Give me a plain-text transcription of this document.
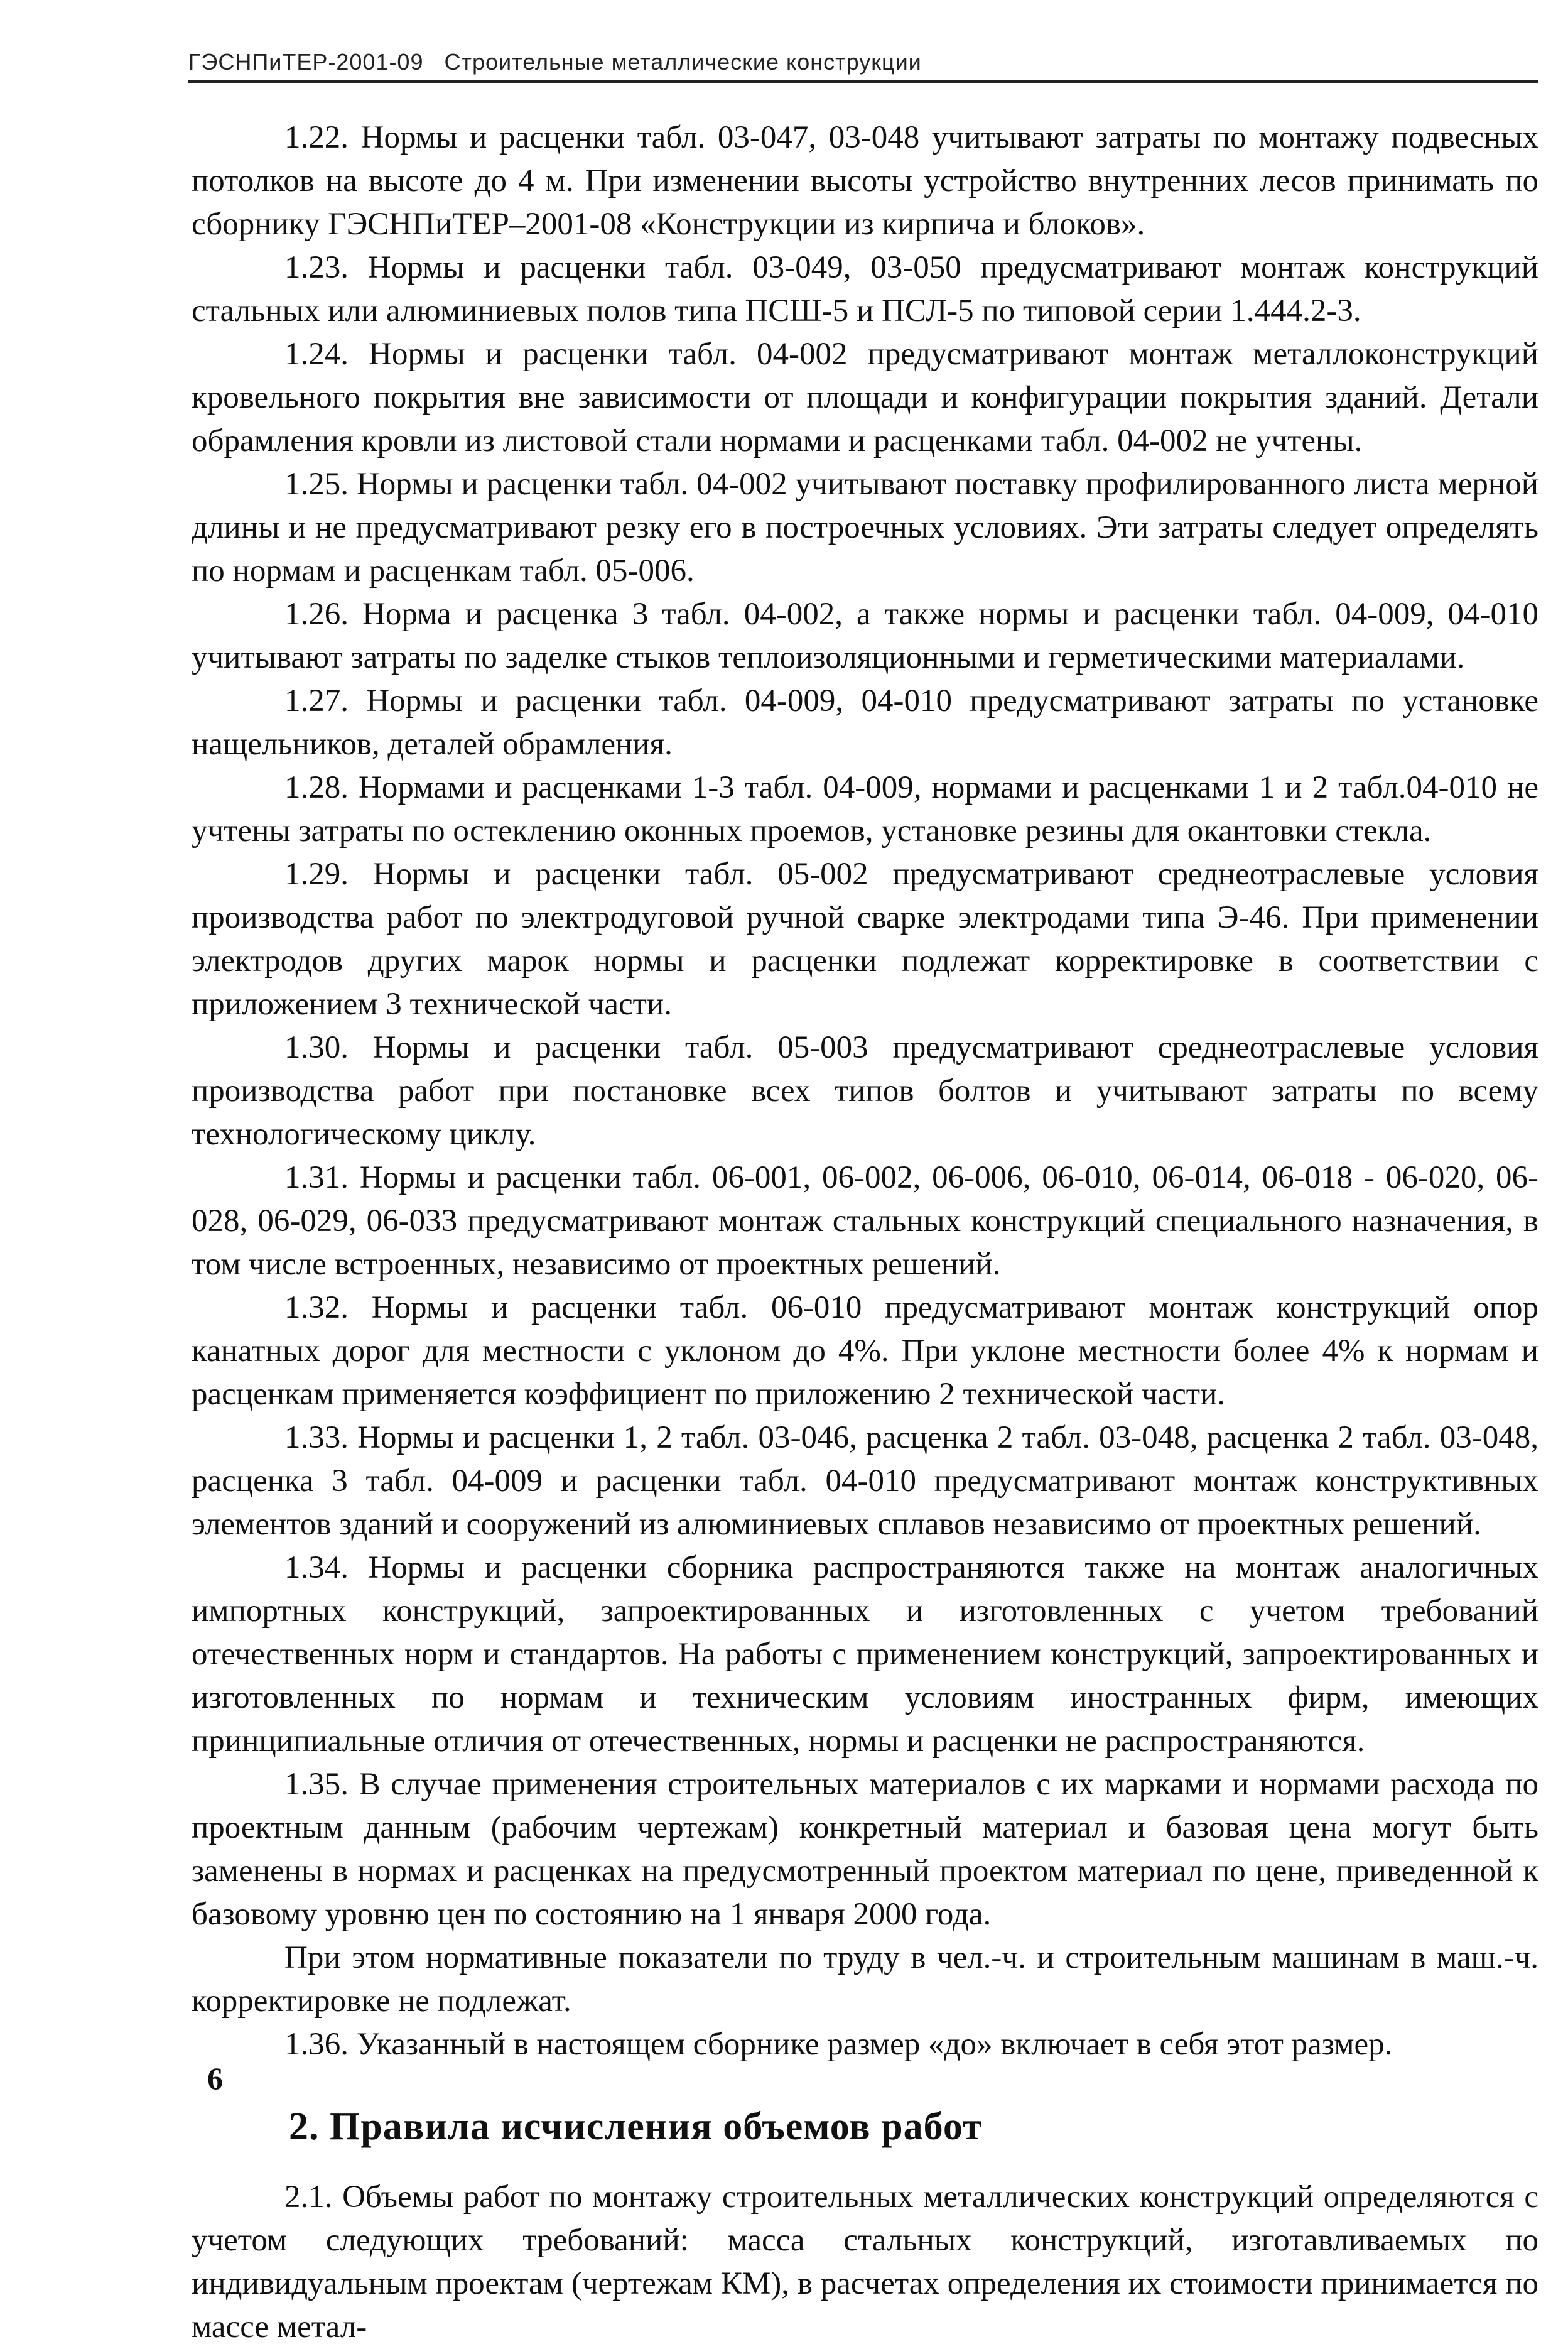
ГЭСНПиТЕР-2001-09 Строительные металлические конструкции

1.22. Нормы и расценки табл. 03-047, 03-048 учитывают затраты по монтажу подвесных потолков на высоте до 4 м. При изменении высоты устройство внутренних лесов принимать по сборнику ГЭСНПиТЕР–2001-08 «Конструкции из кирпича и блоков».

1.23. Нормы и расценки табл. 03-049, 03-050 предусматривают монтаж конструкций стальных или алюминиевых полов типа ПСШ-5 и ПСЛ-5 по типовой серии 1.444.2-3.

1.24. Нормы и расценки табл. 04-002 предусматривают монтаж металлоконструкций кровельного покрытия вне зависимости от площади и конфигурации покрытия зданий. Детали обрамления кровли из листовой стали нормами и расценками табл. 04-002 не учтены.

1.25. Нормы и расценки табл. 04-002 учитывают поставку профилированного листа мерной длины и не предусматривают резку его в построечных условиях. Эти затраты следует определять по нормам и расценкам табл. 05-006.

1.26. Норма и расценка 3 табл. 04-002, а также нормы и расценки табл. 04-009, 04-010 учитывают затраты по заделке стыков теплоизоляционными и герметическими материалами.

1.27. Нормы и расценки табл. 04-009, 04-010 предусматривают затраты по установке нащельников, деталей обрамления.

1.28. Нормами и расценками 1-3 табл. 04-009, нормами и расценками 1 и 2 табл.04-010 не учтены затраты по остеклению оконных проемов, установке резины для окантовки стекла.

1.29. Нормы и расценки табл. 05-002 предусматривают среднеотраслевые условия производства работ по электродуговой ручной сварке электродами типа Э-46. При применении электродов других марок нормы и расценки подлежат корректировке в соответствии с приложением 3 технической части.

1.30. Нормы и расценки табл. 05-003 предусматривают среднеотраслевые условия производства работ при постановке всех типов болтов и учитывают затраты по всему технологическому циклу.

1.31. Нормы и расценки табл. 06-001, 06-002, 06-006, 06-010, 06-014, 06-018 - 06-020, 06-028, 06-029, 06-033 предусматривают монтаж стальных конструкций специального назначения, в том числе встроенных, независимо от проектных решений.

1.32. Нормы и расценки табл. 06-010 предусматривают монтаж конструкций опор канатных дорог для местности с уклоном до 4%. При уклоне местности более 4% к нормам и расценкам применяется коэффициент по приложению 2 технической части.

1.33. Нормы и расценки 1, 2 табл. 03-046, расценка 2 табл. 03-048, расценка 2 табл. 03-048, расценка 3 табл. 04-009 и расценки табл. 04-010 предусматривают монтаж конструктивных элементов зданий и сооружений из алюминиевых сплавов независимо от проектных решений.

1.34. Нормы и расценки сборника распространяются также на монтаж аналогичных импортных конструкций, запроектированных и изготовленных с учетом требований отечественных норм и стандартов. На работы с применением конструкций, запроектированных и изготовленных по нормам и техническим условиям иностранных фирм, имеющих принципиальные отличия от отечественных, нормы и расценки не распространяются.

1.35. В случае применения строительных материалов с их марками и нормами расхода по проектным данным (рабочим чертежам) конкретный материал и базовая цена могут быть заменены в нормах и расценках на предусмотренный проектом материал по цене, приведенной к базовому уровню цен по состоянию на 1 января 2000 года.

При этом нормативные показатели по труду в чел.-ч. и строительным машинам в маш.-ч. корректировке не подлежат.

1.36. Указанный в настоящем сборнике размер «до» включает в себя этот размер.

2. Правила исчисления объемов работ

2.1. Объемы работ по монтажу строительных металлических конструкций определяются с учетом следующих требований: масса стальных конструкций, изготавливаемых по индивидуальным проектам (чертежам КМ), в расчетах определения их стоимости принимается по массе метал-

6
